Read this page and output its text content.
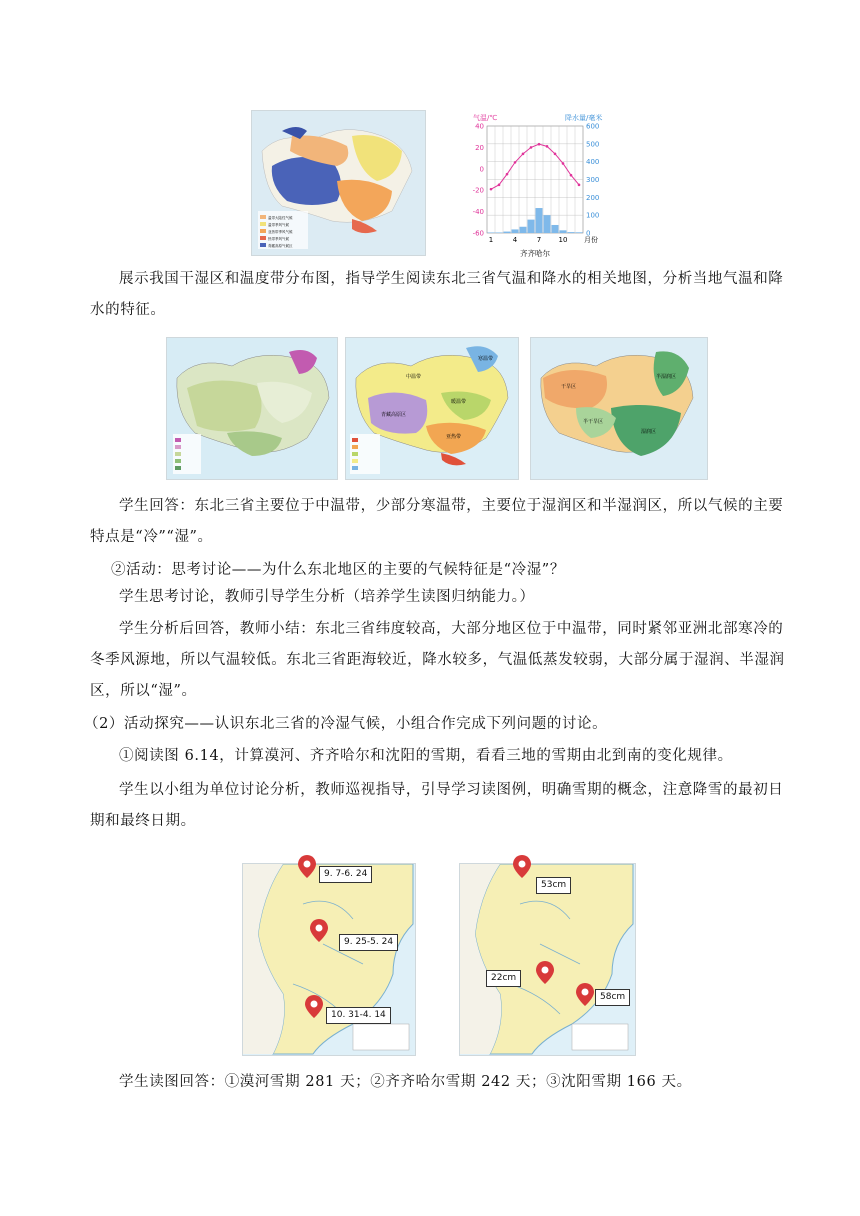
温带大陆性气候
温带季风气候
亚热带季风气候
热带季风气候
青藏高原气候区
气温/℃	降水量/毫米
40
20
0
-20
-40
-60
600
500
400
300
200
100
0
1	4	7 10 月份
齐齐哈尔
展示我国干湿区和温度带分布图，指导学生阅读东北三省气温和降水的相关地图，分析当地气温和降水的特征。
寒温带
中温带
暖温带
亚热带
青藏高原区
湿润区
半湿润区
半干旱区
干旱区
学生回答：东北三省主要位于中温带，少部分寒温带，主要位于湿润区和半湿润区，所以气候的主要特点是“冷”“湿”。
②活动：思考讨论——为什么东北地区的主要的气候特征是“冷湿”？
学生思考讨论，教师引导学生分析（培养学生读图归纳能力。）
学生分析后回答，教师小结：东北三省纬度较高，大部分地区位于中温带，同时紧邻亚洲北部寒冷的冬季风源地，所以气温较低。东北三省距海较近，降水较多，气温低蒸发较弱，大部分属于湿润、半湿润区，所以“湿”。
（2）活动探究——认识东北三省的冷湿气候，小组合作完成下列问题的讨论。
①阅读图 6.14，计算漠河、齐齐哈尔和沈阳的雪期，看看三地的雪期由北到南的变化规律。
学生以小组为单位讨论分析，教师巡视指导，引导学习读图例，明确雪期的概念，注意降雪的最初日期和最终日期。
9. 7-6. 24
9. 25-5. 24
10. 31-4. 14
53cm
22cm
58cm
学生读图回答：①漠河雪期 281 天；②齐齐哈尔雪期 242 天；③沈阳雪期 166 天。
